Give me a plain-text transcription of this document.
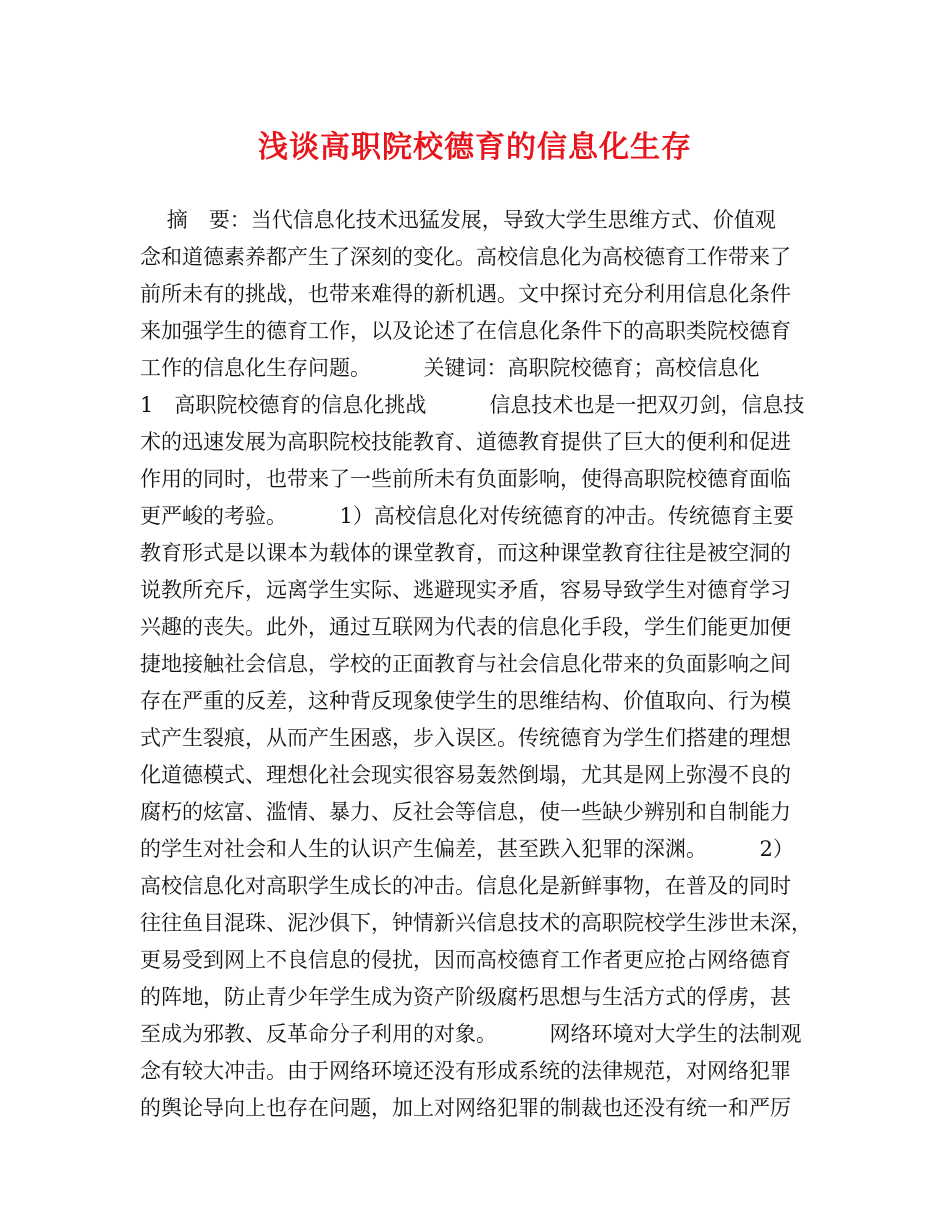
浅谈高职院校德育的信息化生存
摘　要：当代信息化技术迅猛发展，导致大学生思维方式、价值观
念和道德素养都产生了深刻的变化。高校信息化为高校德育工作带来了
前所未有的挑战，也带来难得的新机遇。文中探讨充分利用信息化条件
来加强学生的德育工作，以及论述了在信息化条件下的高职类院校德育
工作的信息化生存问题。　　　关键词：高职院校德育；高校信息化
1　高职院校德育的信息化挑战　　　信息技术也是一把双刃剑，信息技
术的迅速发展为高职院校技能教育、道德教育提供了巨大的便利和促进
作用的同时，也带来了一些前所未有负面影响，使得高职院校德育面临
更严峻的考验。　　　1）高校信息化对传统德育的冲击。传统德育主要
教育形式是以课本为载体的课堂教育，而这种课堂教育往往是被空洞的
说教所充斥，远离学生实际、逃避现实矛盾，容易导致学生对德育学习
兴趣的丧失。此外，通过互联网为代表的信息化手段，学生们能更加便
捷地接触社会信息，学校的正面教育与社会信息化带来的负面影响之间
存在严重的反差，这种背反现象使学生的思维结构、价值取向、行为模
式产生裂痕，从而产生困惑，步入误区。传统德育为学生们搭建的理想
化道德模式、理想化社会现实很容易轰然倒塌，尤其是网上弥漫不良的
腐朽的炫富、滥情、暴力、反社会等信息，使一些缺少辨别和自制能力
的学生对社会和人生的认识产生偏差，甚至跌入犯罪的深渊。　　　2）
高校信息化对高职学生成长的冲击。信息化是新鲜事物，在普及的同时
往往鱼目混珠、泥沙俱下，钟情新兴信息技术的高职院校学生涉世未深，
更易受到网上不良信息的侵扰，因而高校德育工作者更应抢占网络德育
的阵地，防止青少年学生成为资产阶级腐朽思想与生活方式的俘虏，甚
至成为邪教、反革命分子利用的对象。　　　网络环境对大学生的法制观
念有较大冲击。由于网络环境还没有形成系统的法律规范，对网络犯罪
的舆论导向上也存在问题，加上对网络犯罪的制裁也还没有统一和严厉
